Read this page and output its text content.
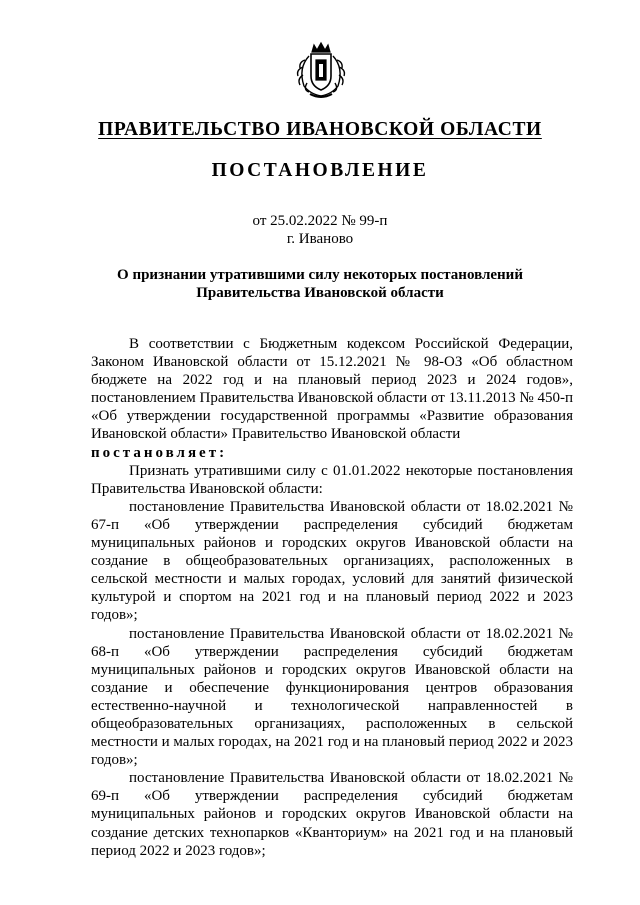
ПРАВИТЕЛЬСТВО ИВАНОВСКОЙ ОБЛАСТИ
ПОСТАНОВЛЕНИЕ
от 25.02.2022 № 99-п
г. Иваново
О признании утратившими силу некоторых постановлений
Правительства Ивановской области

В соответствии с Бюджетным кодексом Российской Федерации, Законом Ивановской области от 15.12.2021 № 98-ОЗ «Об областном бюджете на 2022 год и на плановый период 2023 и 2024 годов», постановлением Правительства Ивановской области от 13.11.2013 № 450-п «Об утверждении государственной программы «Развитие образования Ивановской области» Правительство Ивановской области

постановляет:

Признать утратившими силу с 01.01.2022 некоторые постановления Правительства Ивановской области:

постановление Правительства Ивановской области от 18.02.2021 № 67-п «Об утверждении распределения субсидий бюджетам муниципальных районов и городских округов Ивановской области на создание в общеобразовательных организациях, расположенных в сельской местности и малых городах, условий для занятий физической культурой и спортом на 2021 год и на плановый период 2022 и 2023 годов»;

постановление Правительства Ивановской области от 18.02.2021 № 68-п «Об утверждении распределения субсидий бюджетам муниципальных районов и городских округов Ивановской области на создание и обеспечение функционирования центров образования естественно-научной и технологической направленностей в общеобразовательных организациях, расположенных в сельской местности и малых городах, на 2021 год и на плановый период 2022 и 2023 годов»;

постановление Правительства Ивановской области от 18.02.2021 № 69-п «Об утверждении распределения субсидий бюджетам муниципальных районов и городских округов Ивановской области на создание детских технопарков «Кванториум» на 2021 год и на плановый период 2022 и 2023 годов»;
